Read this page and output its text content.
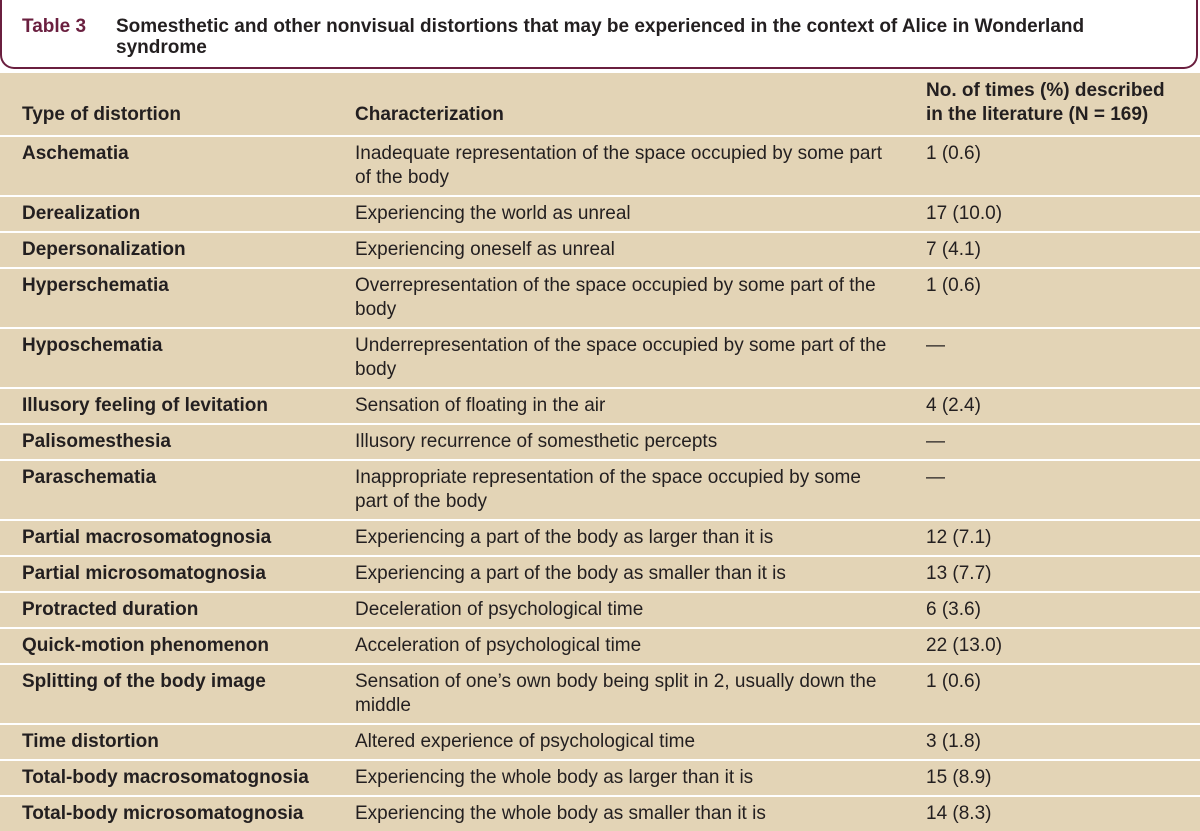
Table 3 Somesthetic and other nonvisual distortions that may be experienced in the context of Alice in Wonderland syndrome
Type of distortion	Characterization	No. of times (%) described
in the literature (N = 169)
Aschematia	Inadequate representation of the space occupied by some part of the body	1 (0.6)
Derealization	Experiencing the world as unreal	17 (10.0)
Depersonalization	Experiencing oneself as unreal	7 (4.1)
Hyperschematia	Overrepresentation of the space occupied by some part of the body	1 (0.6)
Hyposchematia	Underrepresentation of the space occupied by some part of the body	—
Illusory feeling of levitation	Sensation of floating in the air	4 (2.4)
Palisomesthesia	Illusory recurrence of somesthetic percepts	—
Paraschematia	Inappropriate representation of the space occupied by some part of the body	—
Partial macrosomatognosia	Experiencing a part of the body as larger than it is	12 (7.1)
Partial microsomatognosia	Experiencing a part of the body as smaller than it is	13 (7.7)
Protracted duration	Deceleration of psychological time	6 (3.6)
Quick-motion phenomenon	Acceleration of psychological time	22 (13.0)
Splitting of the body image	Sensation of one’s own body being split in 2, usually down the middle	1 (0.6)
Time distortion	Altered experience of psychological time	3 (1.8)
Total-body macrosomatognosia	Experiencing the whole body as larger than it is	15 (8.9)
Total-body microsomatognosia	Experiencing the whole body as smaller than it is	14 (8.3)
